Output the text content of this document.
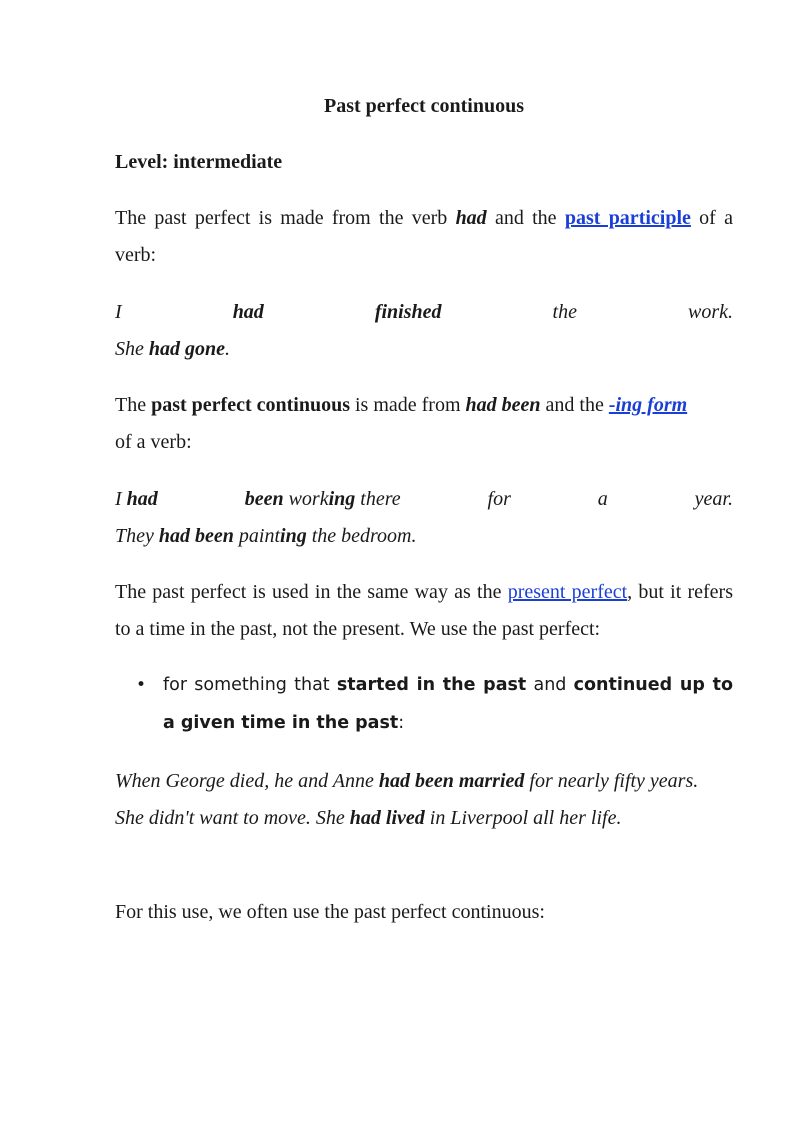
Past perfect continuous
Level: intermediate
The past perfect is made from the verb had and the past participle of a verb:
I	had	finished	the	work.
She had gone.
The past perfect continuous is made from had been and the -ing form
of a verb:
I had	been working there	for	a	year.
They had been painting the bedroom.
The past perfect is used in the same way as the present perfect, but it refers to a time in the past, not the present. We use the past perfect:
• for something that started in the past and continued up to a given time in the past:
When George died, he and Anne had been married for nearly fifty years.
She didn't want to move. She had lived in Liverpool all her life.
For this use, we often use the past perfect continuous:
